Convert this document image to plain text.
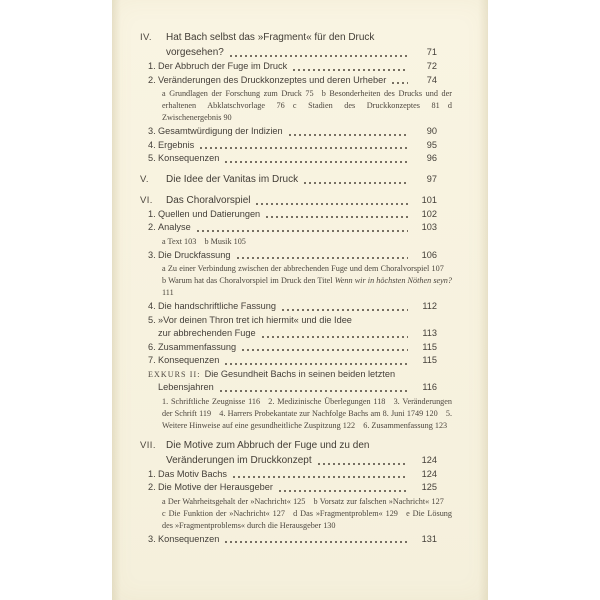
IV.	Hat Bach selbst das »Fragment« für den Druck
vorgesehen?	71
1. Der Abbruch der Fuge im Druck	72
2. Veränderungen des Druckkonzeptes und deren Urheber	74
a Grundlagen der Forschung zum Druck 75 b Besonderheiten des Drucks und der erhaltenen Abklatschvorlage 76 c Stadien des Druckkonzeptes 81 d Zwischenergebnis 90
3. Gesamtwürdigung der Indizien	90
4. Ergebnis	95
5. Konsequenzen	96
V.	Die Idee der Vanitas im Druck	97
VI.	Das Choralvorspiel	101
1. Quellen und Datierungen	102
2. Analyse	103
a Text 103 b Musik 105
3. Die Druckfassung	106
a Zu einer Verbindung zwischen der abbrechenden Fuge und dem Choralvorspiel 107 b Warum hat das Choralvorspiel im Druck den Titel Wenn wir in höchsten Nöthen seyn? 111
4. Die handschriftliche Fassung	112
5. »Vor deinen Thron tret ich hiermit« und die Idee
zur abbrechenden Fuge	113
6. Zusammenfassung	115
7. Konsequenzen	115
EXKURS II: Die Gesundheit Bachs in seinen beiden letzten
Lebensjahren	116
1. Schriftliche Zeugnisse 116 2. Medizinische Überlegungen 118 3. Veränderungen der Schrift 119 4. Harrers Probekantate zur Nachfolge Bachs am 8. Juni 1749 120 5. Weitere Hinweise auf eine gesundheitliche Zuspitzung 122 6. Zusammenfassung 123
VII.	Die Motive zum Abbruch der Fuge und zu den
Veränderungen im Druckkonzept	124
1. Das Motiv Bachs	124
2. Die Motive der Herausgeber	125
a Der Wahrheitsgehalt der »Nachricht« 125 b Vorsatz zur falschen »Nachricht« 127 c Die Funktion der »Nachricht« 127 d Das »Fragmentproblem« 129 e Die Lösung des »Fragmentproblems« durch die Herausgeber 130
3. Konsequenzen	131
